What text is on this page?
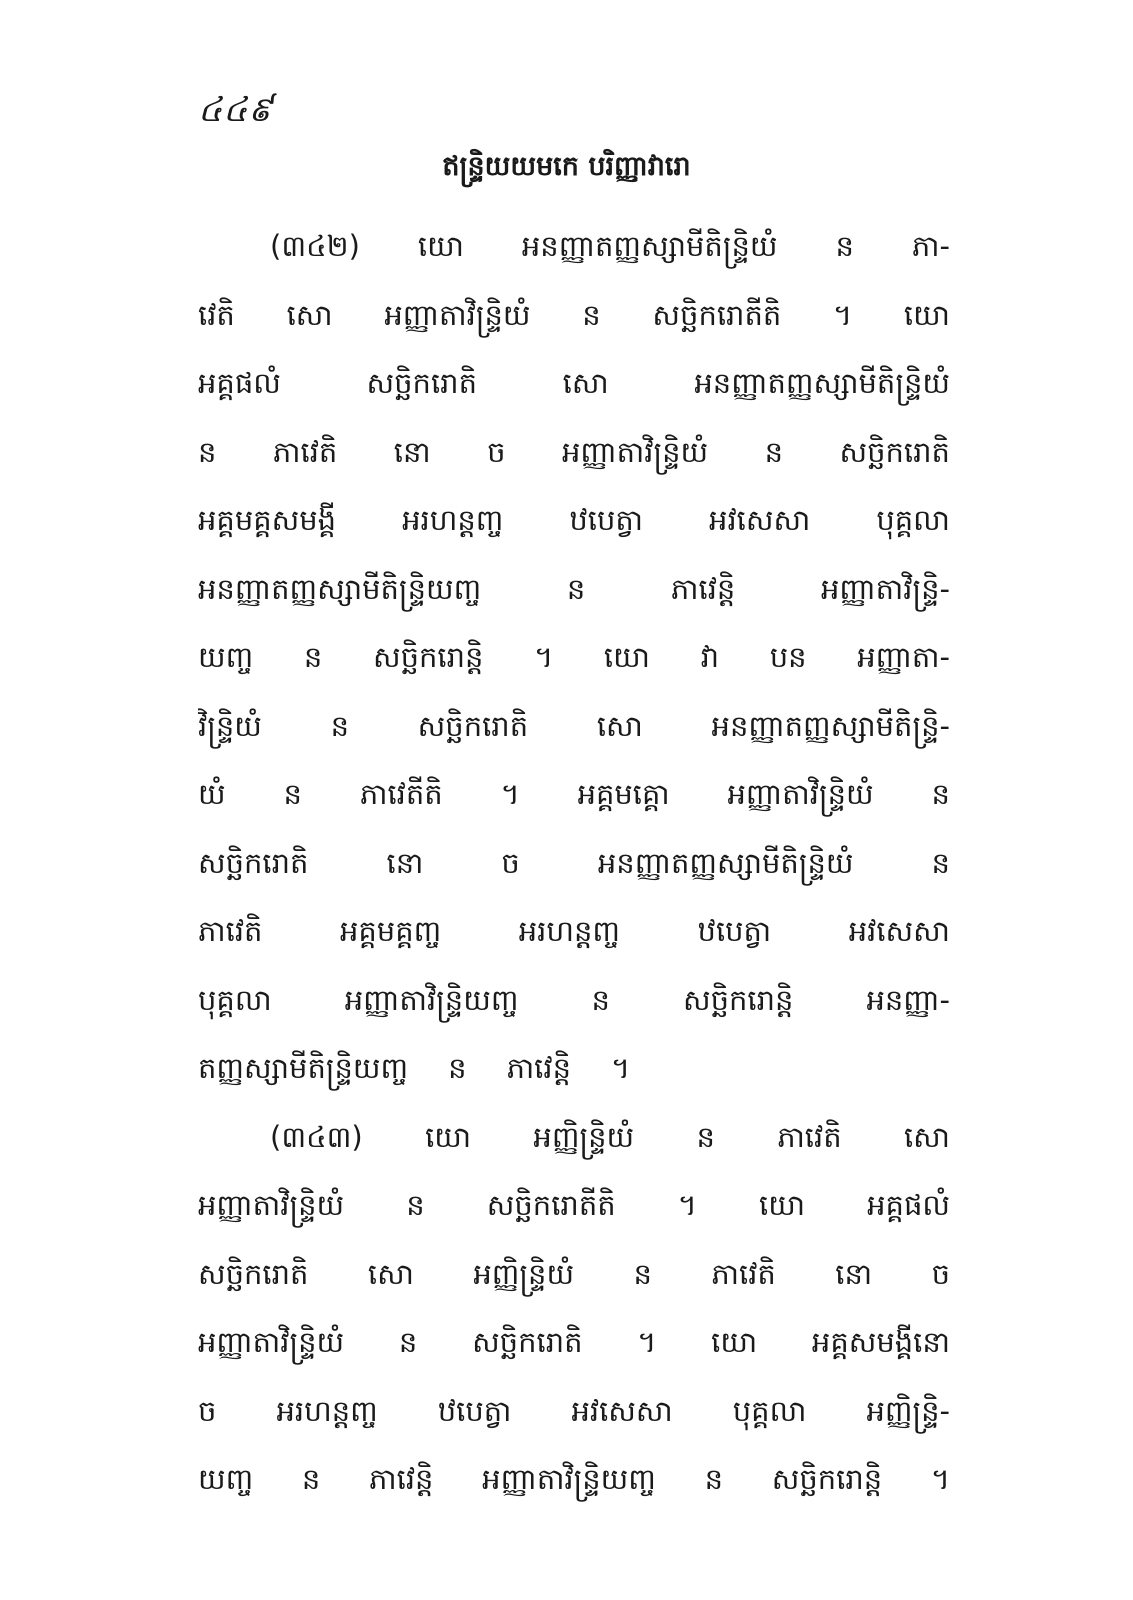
៤៤៩
ឥន្ទ្រិយយមកេ បរិញ្ញាវារោ
(៣៤២) យោ អនញ្ញាតញ្ញស្សាមីតិន្ទ្រិយំ ន ភា-
វេតិ សោ អញ្ញាតាវិន្ទ្រិយំ ន សច្ឆិករោតីតិ ។ យោ
អគ្គផលំ	សច្ឆិករោតិ	សោ	អនញ្ញាតញ្ញស្សាមីតិន្ទ្រិយំ
ន ភាវេតិ នោ ច អញ្ញាតាវិន្ទ្រិយំ ន សច្ឆិករោតិ
អគ្គមគ្គសមង្គី អរហន្តញ្ច ឋបេត្វា អវសេសា បុគ្គលា
អនញ្ញាតញ្ញស្សាមីតិន្ទ្រិយញ្ច	ន	ភាវេន្តិ	អញ្ញាតាវិន្ទ្រិ-
យញ្ច ន សច្ឆិករោន្តិ ។ យោ វា បន អញ្ញាតា-
វិន្ទ្រិយំ ន សច្ឆិករោតិ សោ អនញ្ញាតញ្ញស្សាមីតិន្ទ្រិ-
យំ ន ភាវេតីតិ ។ អគ្គមគ្គោ អញ្ញាតាវិន្ទ្រិយំ ន
សច្ឆិករោតិ	នោ	ច	អនញ្ញាតញ្ញស្សាមីតិន្ទ្រិយំ	ន
ភាវេតិ	អគ្គមគ្គញ្ច	អរហន្តញ្ច	ឋបេត្វា	អវសេសា
បុគ្គលា	អញ្ញាតាវិន្ទ្រិយញ្ច	ន	សច្ឆិករោន្តិ	អនញ្ញា-
តញ្ញស្សាមីតិន្ទ្រិយញ្ច ន ភាវេន្តិ ។
(៣៤៣) យោ អញ្ញិន្ទ្រិយំ ន ភាវេតិ សោ
អញ្ញាតាវិន្ទ្រិយំ ន សច្ឆិករោតីតិ ។ យោ អគ្គផលំ
សច្ឆិករោតិ សោ អញ្ញិន្ទ្រិយំ ន ភាវេតិ នោ ច
អញ្ញាតាវិន្ទ្រិយំ ន សច្ឆិករោតិ ។ យោ អគ្គសមង្គីនោ
ច អរហន្តញ្ច ឋបេត្វា អវសេសា បុគ្គលា អញ្ញិន្ទ្រិ-
យញ្ច ន ភាវេន្តិ អញ្ញាតាវិន្ទ្រិយញ្ច ន សច្ឆិករោន្តិ ។
